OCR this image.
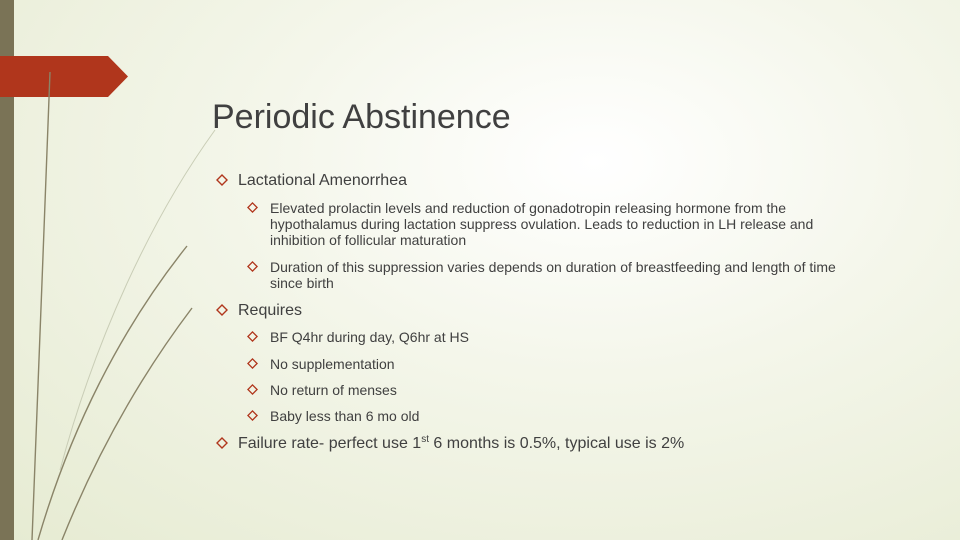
Periodic Abstinence
Lactational Amenorrhea
Elevated prolactin levels and reduction of gonadotropin releasing hormone from the
hypothalamus during lactation suppress ovulation. Leads to reduction in LH release and
inhibition of follicular maturation
Duration of this suppression varies depends on duration of breastfeeding and length of time
since birth
Requires
BF Q4hr during day, Q6hr at HS
No supplementation
No return of menses
Baby less than 6 mo old
Failure rate- perfect use 1st 6 months is 0.5%, typical use is 2%
